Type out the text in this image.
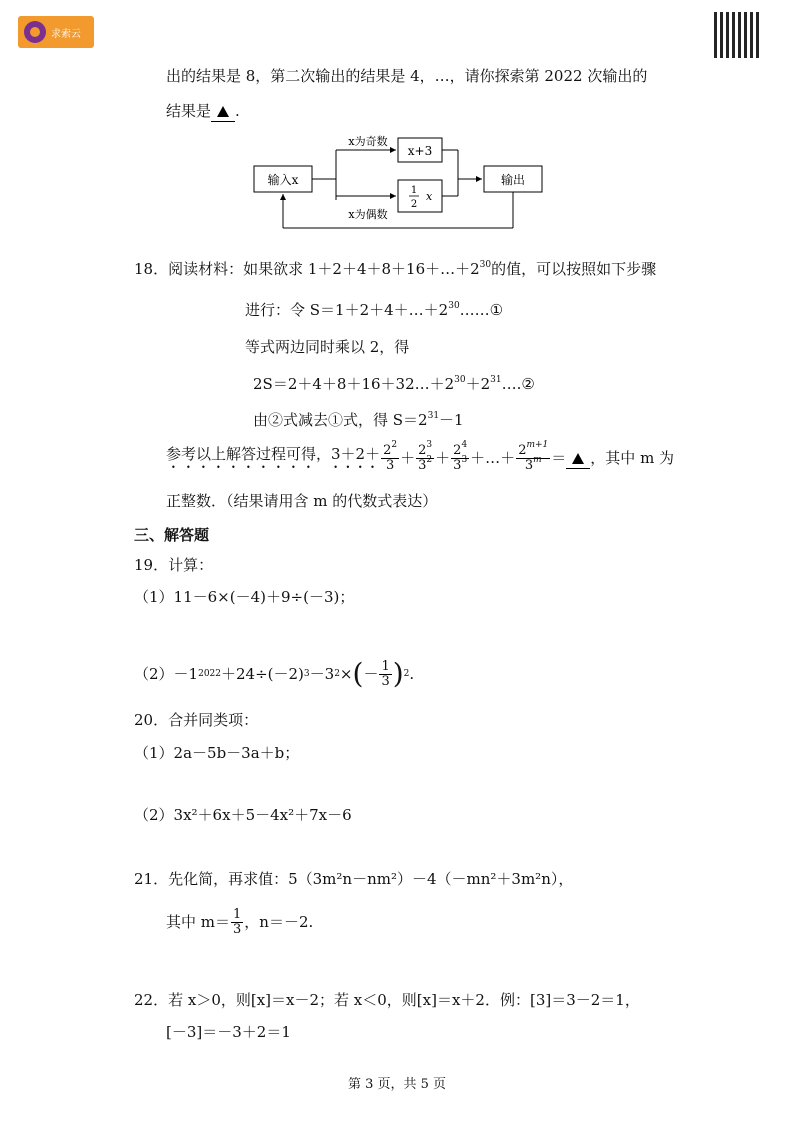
求索云
出的结果是 8，第二次输出的结果是 4，…，请你探索第 2022 次输出的
结果是 .
输入x
x为奇数
x为偶数
x+3
1
2
x
输出
18．阅读材料：如果欲求 $1+2+4+8+16+\dots+2^{30}$的值，可以按照如下步骤
进行：令 $S=1+2+4+\dots+2^{30}\dots\dots ①$
等式两边同时乘以 2，得
$2S=2+4+8+16+32\dots+2^{30}+2^{31}\dots.②$
由②式减去①式，得 $S=2^{31}-1$
参考以上解答过程可得，$3+2+ \frac{2^2}{3} + \frac{2^3}{3^2} + \frac{2^4}{3^3}$ ＋…＋ $\frac{2^{m+1}}{3^m}$ ＝ ，其中 m 为
正整数．（结果请用含 m 的代数式表达）
三、解答题
19．计算：
（1）11－6×(－4)＋9÷(－3)；
（2）－1 2022 ＋24÷(－2) 3 －3 2 × ( － $\frac{1}{3}$ ) 2 .
20．合并同类项：
（1）2a－5b－3a＋b；
（2）3x²＋6x＋5－4x²＋7x－6
21．先化简，再求值：5（3m²n－nm²）－4（－mn²＋3m²n），
其中 $m= \frac{1}{3}$ ，n＝－2.
22．若 x＞0，则[x]＝x－2；若 x＜0，则[x]＝x＋2．例：[3]＝3－2＝1，
[－3]＝－3＋2＝1
第 3 页，共 5 页
